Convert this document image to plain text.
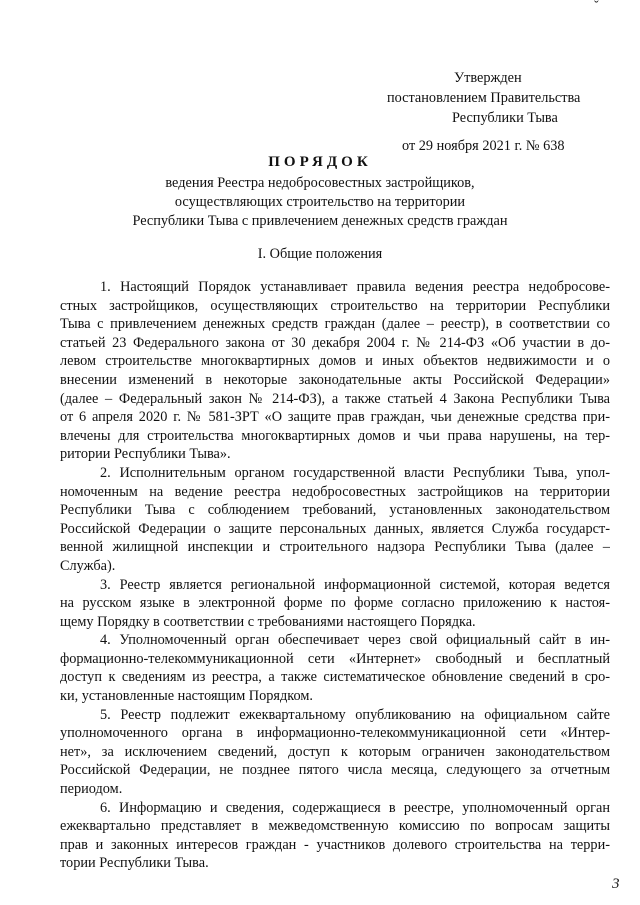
ˇ
Утвержден
постановлением Правительства
Республики Тыва
от 29 ноября 2021 г. № 638
ПОРЯДОК
ведения Реестра недобросовестных застройщиков,
осуществляющих строительство на территории
Республики Тыва с привлечением денежных средств граждан
I. Общие положения
1. Настоящий Порядок устанавливает правила ведения реестра недобросове-
стных застройщиков, осуществляющих строительство на территории Республики
Тыва с привлечением денежных средств граждан (далее – реестр), в соответствии со
статьей 23 Федерального закона от 30 декабря 2004 г. № 214-ФЗ «Об участии в до-
левом строительстве многоквартирных домов и иных объектов недвижимости и о
внесении изменений в некоторые законодательные акты Российской Федерации»
(далее – Федеральный закон № 214-ФЗ), а также статьей 4 Закона Республики Тыва
от 6 апреля 2020 г. № 581-ЗРТ «О защите прав граждан, чьи денежные средства при-
влечены для строительства многоквартирных домов и чьи права нарушены, на тер-
ритории Республики Тыва».
2. Исполнительным органом государственной власти Республики Тыва, упол-
номоченным на ведение реестра недобросовестных застройщиков на территории
Республики Тыва с соблюдением требований, установленных законодательством
Российской Федерации о защите персональных данных, является Служба государст-
венной жилищной инспекции и строительного надзора Республики Тыва (далее –
Служба).
3. Реестр является региональной информационной системой, которая ведется
на русском языке в электронной форме по форме согласно приложению к настоя-
щему Порядку в соответствии с требованиями настоящего Порядка.
4. Уполномоченный орган обеспечивает через свой официальный сайт в ин-
формационно-телекоммуникационной сети «Интернет» свободный и бесплатный
доступ к сведениям из реестра, а также систематическое обновление сведений в сро-
ки, установленные настоящим Порядком.
5. Реестр подлежит ежеквартальному опубликованию на официальном сайте
уполномоченного органа в информационно-телекоммуникационной сети «Интер-
нет», за исключением сведений, доступ к которым ограничен законодательством
Российской Федерации, не позднее пятого числа месяца, следующего за отчетным
периодом.
6. Информацию и сведения, содержащиеся в реестре, уполномоченный орган
ежеквартально представляет в межведомственную комиссию по вопросам защиты
прав и законных интересов граждан - участников долевого строительства на терри-
тории Республики Тыва.
3
